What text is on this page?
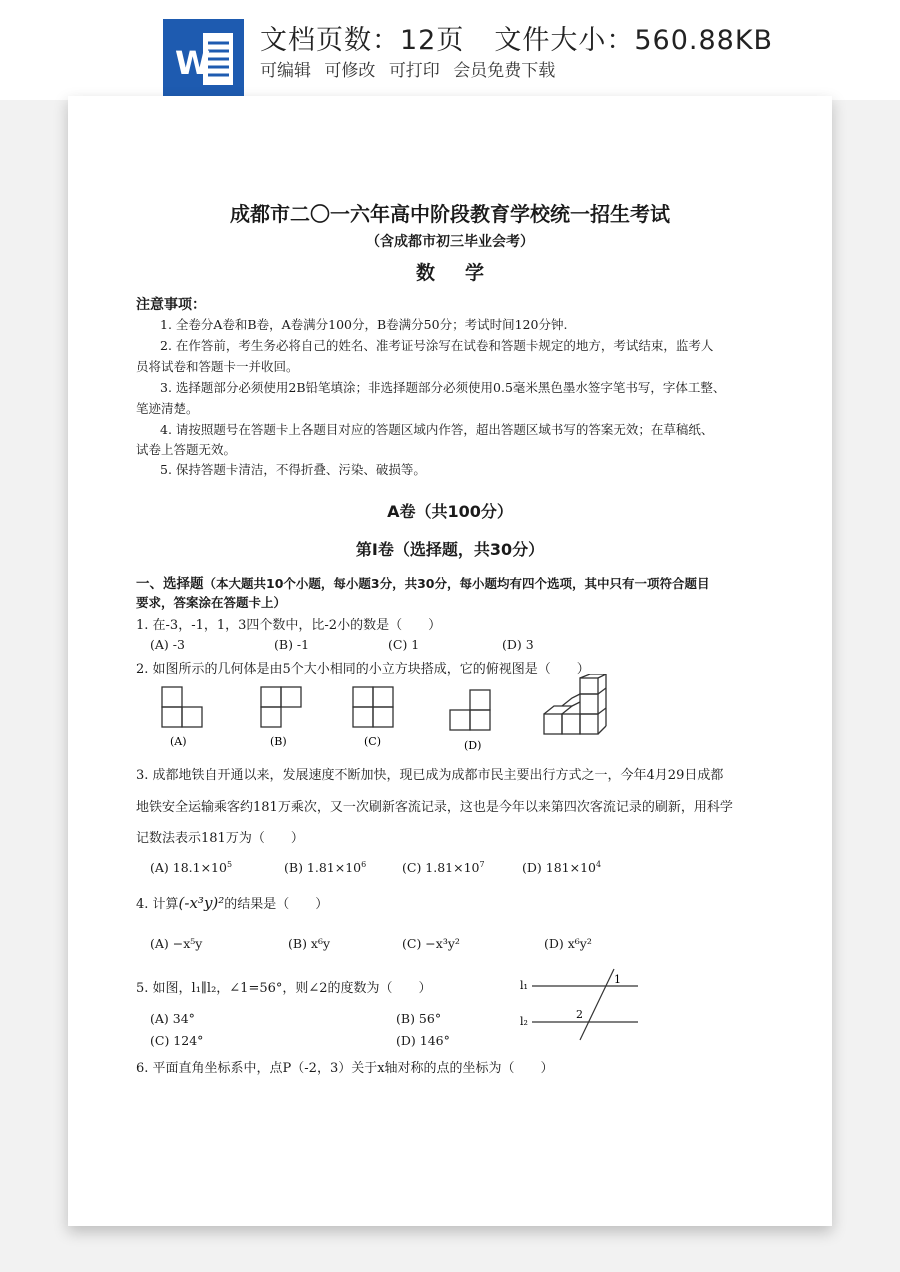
W
文档页数：12页 文件大小：560.88KB
可编辑 可修改 可打印 会员免费下载
成都市二〇一六年高中阶段教育学校统一招生考试
（含成都市初三毕业会考）
数学
注意事项：
1. 全卷分A卷和B卷，A卷满分100分，B卷满分50分；考试时间120分钟.
2. 在作答前，考生务必将自己的姓名、准考证号涂写在试卷和答题卡规定的地方，考试结束，监考人
员将试卷和答题卡一并收回。
3. 选择题部分必须使用2B铅笔填涂；非选择题部分必须使用0.5毫米黑色墨水签字笔书写，字体工整、
笔迹清楚。
4. 请按照题号在答题卡上各题目对应的答题区域内作答，超出答题区域书写的答案无效；在草稿纸、
试卷上答题无效。
5. 保持答题卡清洁，不得折叠、污染、破损等。
A卷（共100分）
第Ⅰ卷（选择题，共30分）
一、选择题（本大题共10个小题，每小题3分，共30分，每小题均有四个选项，其中只有一项符合题目
要求，答案涂在答题卡上）
1. 在-3，-1，1，3四个数中，比-2小的数是（　　）
(A) -3	(B) -1	(C) 1	(D) 3
2. 如图所示的几何体是由5个大小相同的小立方块搭成，它的俯视图是（　　）
(A)	(B)	(C)	(D)
3. 成都地铁自开通以来，发展速度不断加快，现已成为成都市民主要出行方式之一，今年4月29日成都
地铁安全运输乘客约181万乘次，又一次刷新客流记录，这也是今年以来第四次客流记录的刷新，用科学
记数法表示181万为（　　）
(A) $18.1\times 10^5$	(B) $1.81\times 10^6$	(C) $1.81\times 10^7$	(D) $181\times 10^4$
4. 计算(-x³y)²的结果是（　　）
(A) −x⁵y	(B) x⁶y	(C) −x³y²	(D) x⁶y²
5. 如图，l₁∥l₂，∠1=56°，则∠2的度数为（　　）
(A) 34°	(B) 56°
(C) 124°	(D) 146°
l₁
l₂
1
2
6. 平面直角坐标系中，点P（-2，3）关于x轴对称的点的坐标为（　　）
